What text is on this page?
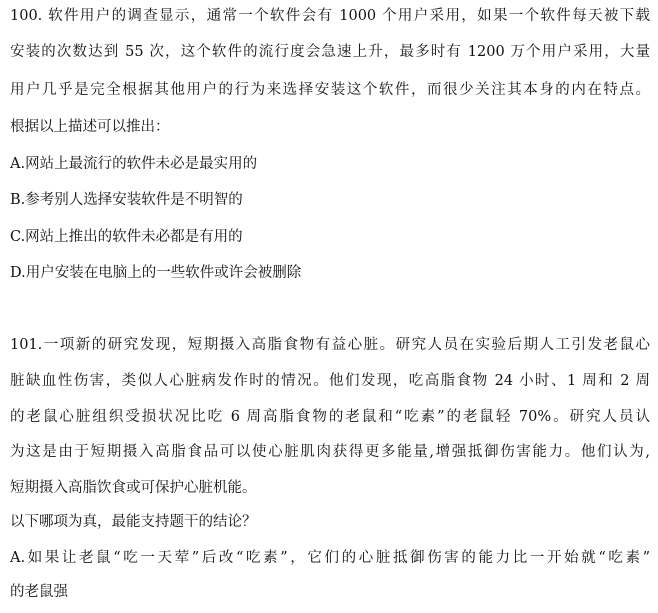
100. 软件用户的调查显示，通常一个软件会有 1000 个用户采用，如果一个软件每天被下载
安装的次数达到 55 次，这个软件的流行度会急速上升，最多时有 1200 万个用户采用，大量
用户几乎是完全根据其他用户的行为来选择安装这个软件，而很少关注其本身的内在特点。
根据以上描述可以推出：
A.网站上最流行的软件未必是最实用的
B.参考别人选择安装软件是不明智的
C.网站上推出的软件未必都是有用的
D.用户安装在电脑上的一些软件或许会被删除
101.一项新的研究发现，短期摄入高脂食物有益心脏。研究人员在实验后期人工引发老鼠心
脏缺血性伤害，类似人心脏病发作时的情况。他们发现，吃高脂食物 24 小时、1 周和 2 周
的老鼠心脏组织受损状况比吃 6 周高脂食物的老鼠和“吃素”的老鼠轻 70%。研究人员认
为这是由于短期摄入高脂食品可以使心脏肌肉获得更多能量,增强抵御伤害能力。他们认为,
短期摄入高脂饮食或可保护心脏机能。
以下哪项为真，最能支持题干的结论？
A.如果让老鼠“吃一天荤”后改“吃素”，它们的心脏抵御伤害的能力比一开始就“吃素”
的老鼠强
